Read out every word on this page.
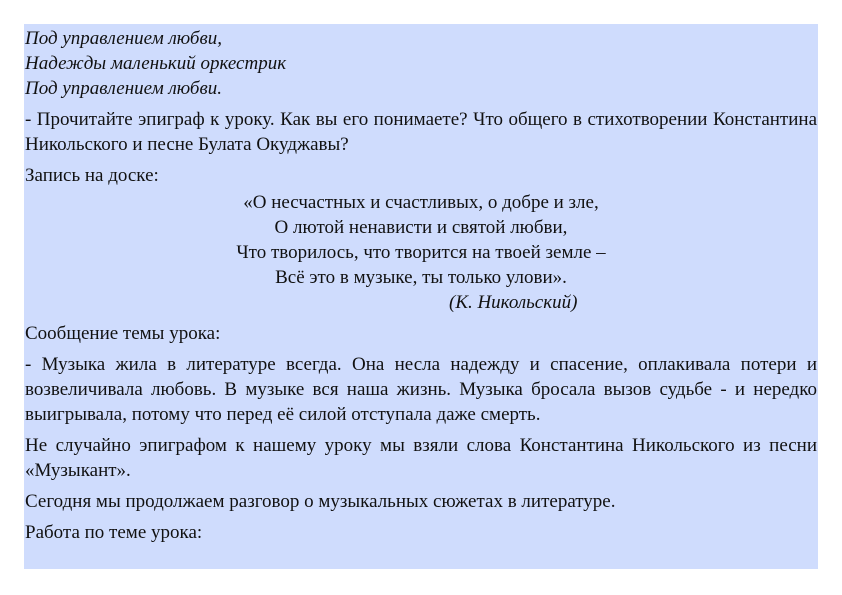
Под управлением любви,

Надежды маленький оркестрик

Под управлением любви.

- Прочитайте эпиграф к уроку. Как вы его понимаете? Что общего в стихотворении Константина Никольского и песне Булата Окуджавы?

Запись на доске:

«О несчастных и счастливых, о добре и зле,
О лютой ненависти и святой любви,
Что творилось, что творится на твоей земле –
Всё это в музыке, ты только улови».
(К. Никольский)

Сообщение темы урока:

- Музыка жила в литературе всегда. Она несла надежду и спасение, оплакивала потери и возвеличивала любовь. В музыке вся наша жизнь. Музыка бросала вызов судьбе - и нередко выигрывала, потому что перед её силой отступала даже смерть.

Не случайно эпиграфом к нашему уроку мы взяли слова Константина Никольского из песни «Музыкант».

Сегодня мы продолжаем разговор о музыкальных сюжетах в литературе.

Работа по теме урока:
